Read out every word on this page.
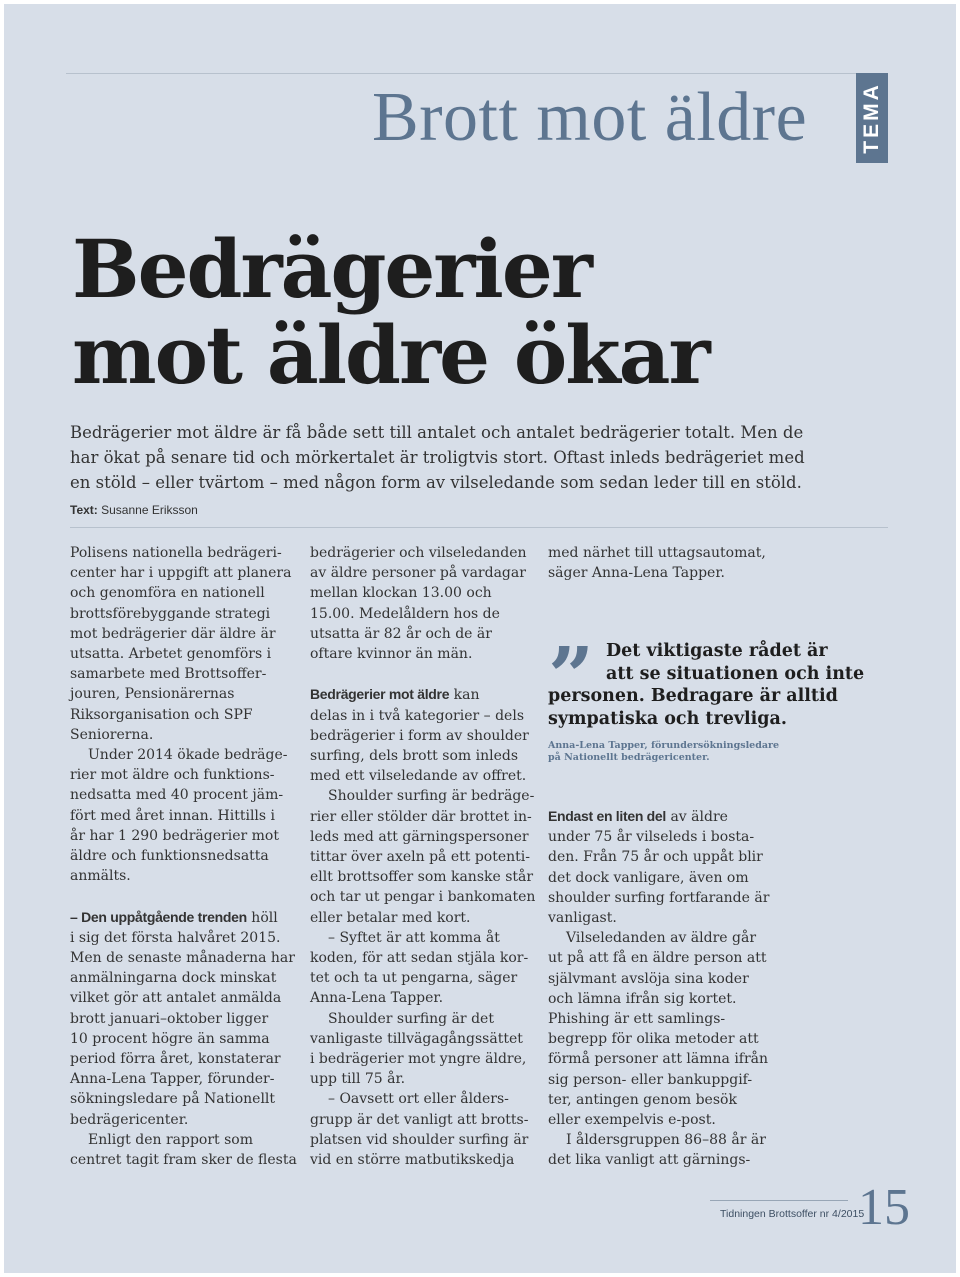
Brott mot äldre	TEMA
Bedrägerier
mot äldre ökar

Bedrägerier mot äldre är få både sett till antalet och antalet bedrägerier totalt. Men de
har ökat på senare tid och mörkertalet är troligtvis stort. Oftast inleds bedrägeriet med
en stöld – eller tvärtom – med någon form av vilseledande som sedan leder till en stöld.

Text: Susanne Eriksson
Polisens nationella bedrägeri-
center har i uppgift att planera
och genomföra en nationell
brottsförebyggande strategi
mot bedrägerier där äldre är
utsatta. Arbetet genomförs i
samarbete med Brottsoffer-
jouren, Pensionärernas
Riksorganisation och SPF
Seniorerna.
Under 2014 ökade bedräge-
rier mot äldre och funktions-
nedsatta med 40 procent jäm-
fört med året innan. Hittills i
år har 1 290 bedrägerier mot
äldre och funktionsnedsatta
anmälts.
– Den uppåtgående trenden höll
i sig det första halvåret 2015.
Men de senaste månaderna har
anmälningarna dock minskat
vilket gör att antalet anmälda
brott januari–oktober ligger
10 procent högre än samma
period förra året, konstaterar
Anna-Lena Tapper, förunder-
sökningsledare på Nationellt
bedrägericenter.
Enligt den rapport som
centret tagit fram sker de flesta
bedrägerier och vilseledanden
av äldre personer på vardagar
mellan klockan 13.00 och
15.00. Medelåldern hos de
utsatta är 82 år och de är
oftare kvinnor än män.
Bedrägerier mot äldre kan
delas in i två kategorier – dels
bedrägerier i form av shoulder
surfing, dels brott som inleds
med ett vilseledande av offret.
Shoulder surfing är bedräge-
rier eller stölder där brottet in-
leds med att gärningspersoner
tittar över axeln på ett potenti-
ellt brottsoffer som kanske står
och tar ut pengar i bankomaten
eller betalar med kort.
– Syftet är att komma åt
koden, för att sedan stjäla kor-
tet och ta ut pengarna, säger
Anna-Lena Tapper.
Shoulder surfing är det
vanligaste tillvägagångssättet
i bedrägerier mot yngre äldre,
upp till 75 år.
– Oavsett ort eller ålders-
grupp är det vanligt att brotts-
platsen vid shoulder surfing är
vid en större matbutikskedja
med närhet till uttagsautomat,
säger Anna-Lena Tapper.
” Det viktigaste rådet är
att se situationen och inte
personen. Bedragare är alltid
sympatiska och trevliga.

Anna-Lena Tapper, förundersökningsledare
på Nationellt bedrägericenter.

Endast en liten del av äldre
under 75 år vilseleds i bosta-
den. Från 75 år och uppåt blir
det dock vanligare, även om
shoulder surfing fortfarande är
vanligast.
Vilseledanden av äldre går
ut på att få en äldre person att
självmant avslöja sina koder
och lämna ifrån sig kortet.
Phishing är ett samlings-
begrepp för olika metoder att
förmå personer att lämna ifrån
sig person- eller bankuppgif-
ter, antingen genom besök
eller exempelvis e-post.
I åldersgruppen 86–88 år är
det lika vanligt att gärnings-
Tidningen Brottsoffer nr 4/2015
15
